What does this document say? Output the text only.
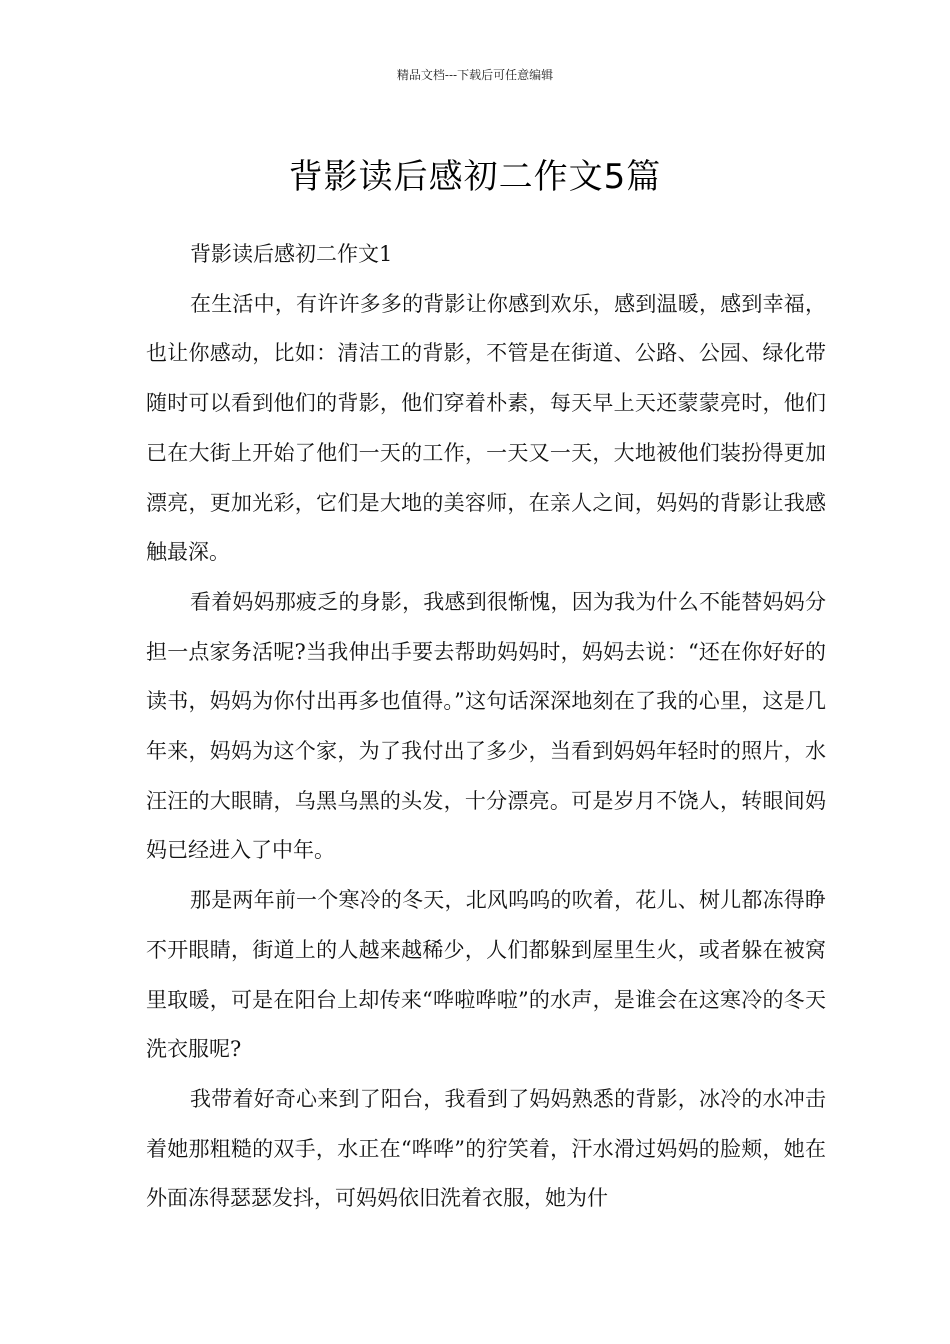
精品文档---下载后可任意编辑
背影读后感初二作文5篇

背影读后感初二作文1

在生活中，有许许多多的背影让你感到欢乐，感到温暖，感到幸福，也让你感动，比如：清洁工的背影，不管是在街道、公路、公园、绿化带随时可以看到他们的背影，他们穿着朴素，每天早上天还蒙蒙亮时，他们已在大街上开始了他们一天的工作，一天又一天，大地被他们装扮得更加漂亮，更加光彩，它们是大地的美容师，在亲人之间，妈妈的背影让我感触最深。

看着妈妈那疲乏的身影，我感到很惭愧，因为我为什么不能替妈妈分担一点家务活呢?当我伸出手要去帮助妈妈时，妈妈去说：“还在你好好的读书，妈妈为你付出再多也值得。”这句话深深地刻在了我的心里，这是几年来，妈妈为这个家，为了我付出了多少，当看到妈妈年轻时的照片，水汪汪的大眼睛，乌黑乌黑的头发，十分漂亮。可是岁月不饶人，转眼间妈妈已经进入了中年。

那是两年前一个寒冷的冬天，北风呜呜的吹着，花儿、树儿都冻得睁不开眼睛，街道上的人越来越稀少，人们都躲到屋里生火，或者躲在被窝里取暖，可是在阳台上却传来“哗啦哗啦”的水声，是谁会在这寒冷的冬天洗衣服呢?

我带着好奇心来到了阳台，我看到了妈妈熟悉的背影，冰冷的水冲击着她那粗糙的双手，水正在“哗哗”的狞笑着，汗水滑过妈妈的脸颊，她在外面冻得瑟瑟发抖，可妈妈依旧洗着衣服，她为什
